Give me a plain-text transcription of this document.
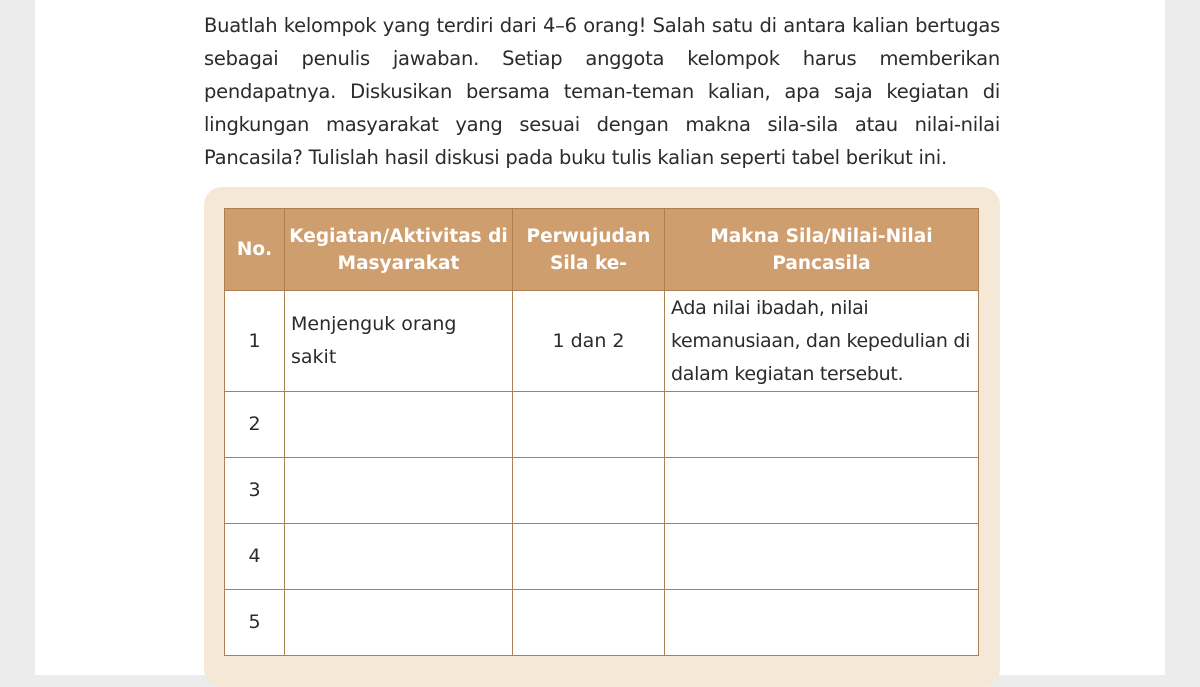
Buatlah kelompok yang terdiri dari 4–6 orang! Salah satu di antara kalian bertugas sebagai penulis jawaban. Setiap anggota kelompok harus memberikan pendapatnya. Diskusikan bersama teman-teman kalian, apa saja kegiatan di lingkungan masyarakat yang sesuai dengan makna sila-sila atau nilai-nilai Pancasila? Tulislah hasil diskusi pada buku tulis kalian seperti tabel berikut ini.

No.	Kegiatan/Aktivitas di Masyarakat	Perwujudan Sila ke-	Makna Sila/Nilai-Nilai Pancasila
1	Menjenguk orang sakit	1 dan 2	Ada nilai ibadah, nilai kemanusiaan, dan kepedulian di dalam kegiatan tersebut.
2			
3			
4			
5			
